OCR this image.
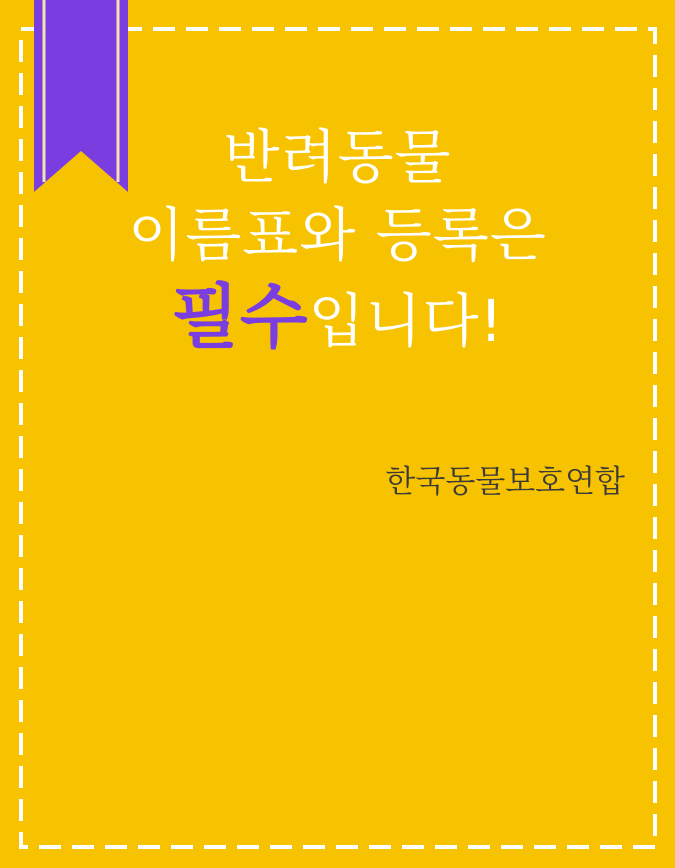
반려동물
이름표와 등록은
필수입니다!
한국동물보호연합
